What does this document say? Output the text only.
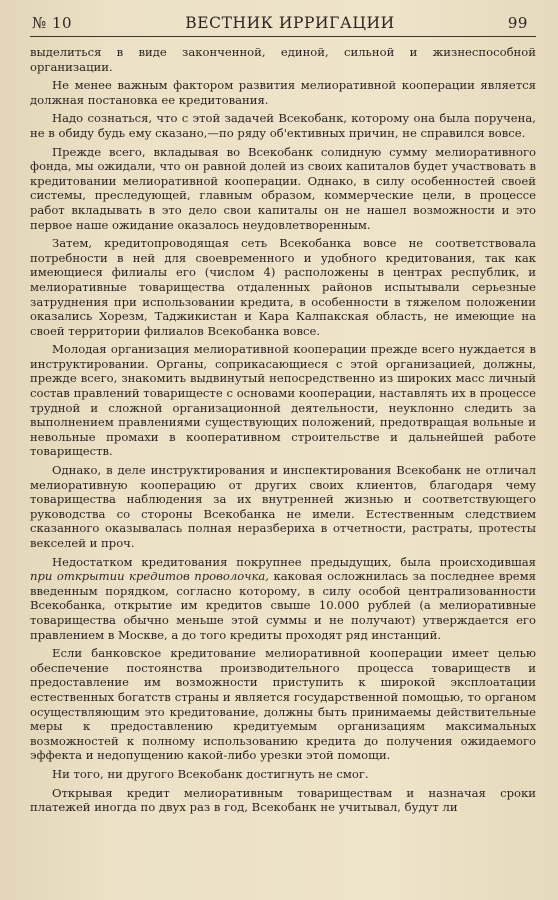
№ 10	ВЕСТНИК ИРРИГАЦИИ	99

выделиться в виде законченной, единой, сильной и жизнеспособной организации.

Не менее важным фактором развития мелиоративной кооперации является должная постановка ее кредитования.

Надо сознаться, что с этой задачей Всекобанк, которому она была поручена, не в обиду будь ему сказано,—по ряду об'ективных причин, не справился вовсе.

Прежде всего, вкладывая во Всекобанк солидную сумму мелиоративного фонда, мы ожидали, что он равной долей из своих капиталов будет участвовать в кредитовании мелиоративной кооперации. Однако, в силу особенностей своей системы, преследующей, главным образом, коммерческие цели, в процессе работ вкладывать в это дело свои капиталы он не нашел возможности и это первое наше ожидание оказалось неудовлетворенным.

Затем, кредитопроводящая сеть Всекобанка вовсе не соответствовала потребности в ней для своевременного и удобного кредитования, так как имеющиеся филиалы его (числом 4) расположены в центрах республик, и мелиоративные товарищества отдаленных районов испытывали серьезные затруднения при использовании кредита, в особенности в тяжелом положении оказались Хорезм, Таджикистан и Кара Калпакская область, не имеющие на своей территории филиалов Всекобанка вовсе.

Молодая организация мелиоративной кооперации прежде всего нуждается в инструктировании. Органы, соприкасающиеся с этой организацией, должны, прежде всего, знакомить выдвинутый непосредственно из широких масс личный состав правлений товарищесте с основами кооперации, наставлять их в процессе трудной и сложной организационной деятельности, неуклонно следить за выполнением правлениями существующих положений, предотвращая вольные и невольные промахи в кооперативном строительстве и дальнейшей работе товариществ.

Однако, в деле инструктирования и инспектирования Всекобанк не отличал мелиоративную кооперацию от других своих клиентов, благодаря чему товарищества наблюдения за их внутренней жизнью и соответствующего руководства со стороны Всекобанка не имели. Естественным следствием сказанного оказывалась полная неразбериха в отчетности, растраты, протесты векселей и проч.

Недостатком кредитования покрупнее предыдущих, была происходившая при открытии кредитов проволочка, каковая осложнилась за последнее время введенным порядком, согласно которому, в силу особой централизованности Всекобанка, открытие им кредитов свыше 10.000 рублей (а мелиоративные товарищества обычно меньше этой суммы и не получают) утверждается его правлением в Москве, а до того кредиты проходят ряд инстанций.

Если банковское кредитование мелиоративной кооперации имеет целью обеспечение постоянства производительного процесса товариществ и предоставление им возможности приступить к широкой эксплоатации естественных богатств страны и является государственной помощью, то органом осуществляющим это кредитование, должны быть принимаемы действительные меры к предоставлению кредитуемым организациям максимальных возможностей к полному использованию кредита до получения ожидаемого эффекта и недопущению какой-либо урезки этой помощи.

Ни того, ни другого Всекобанк достигнуть не смог.

Открывая кредит мелиоративным товариществам и назначая сроки платежей иногда по двух раз в год, Всекобанк не учитывал, будут ли
